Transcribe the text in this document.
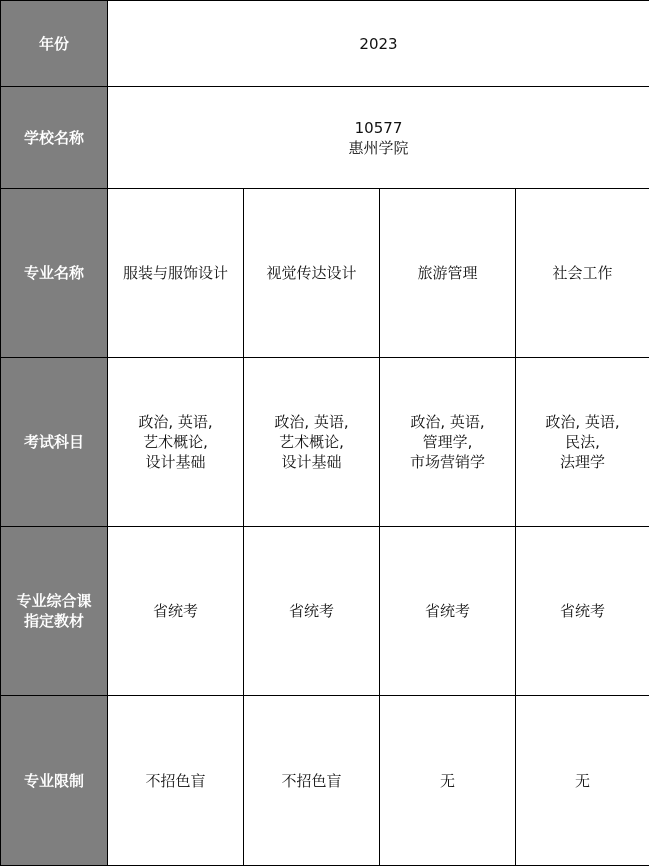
年份	2023			
学校名称	10577
惠州学院			

专业名称	服装与服饰设计	视觉传达设计	旅游管理	社会工作
考试科目	政治, 英语,
艺术概论,
设计基础	政治, 英语,
艺术概论,
设计基础	政治, 英语,
管理学,
市场营销学	政治, 英语,
民法,
法理学

专业综合课
指定教材	省统考	省统考	省统考	省统考
专业限制	不招色盲	不招色盲	无	无
